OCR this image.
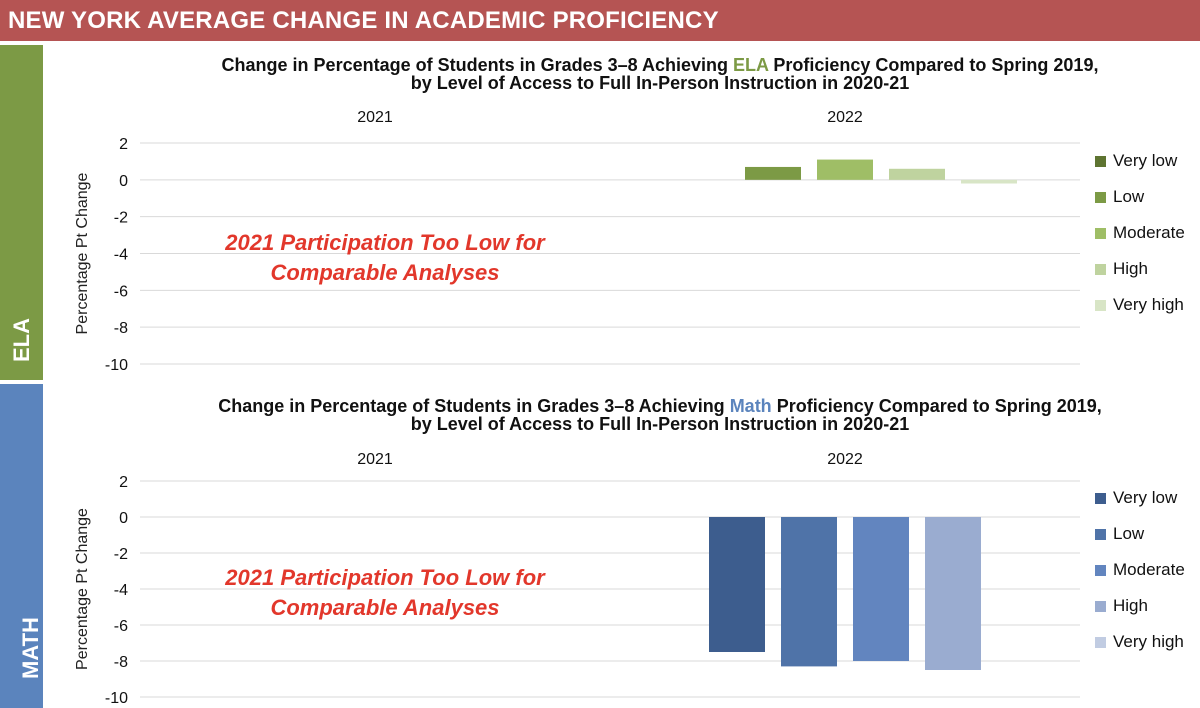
NEW YORK AVERAGE CHANGE IN ACADEMIC PROFICIENCY
ELA
MATH
Change in Percentage of Students in Grades 3–8 Achieving ELA Proficiency Compared to Spring 2019,
by Level of Access to Full In-Person Instruction in 2020-21
Change in Percentage of Students in Grades 3–8 Achieving Math Proficiency Compared to Spring 2019,
by Level of Access to Full In-Person Instruction in 2020-21
2
0
-2
-4
-6
-8
-10
Percentage Pt Change
2021	2022
2
0
-2
-4
-6
-8
-10
Percentage Pt Change
2021	2022
2021 Participation Too Low for
Comparable Analyses
2021 Participation Too Low for
Comparable Analyses
Very low
Low
Moderate
High
Very high
Very low
Low
Moderate
High
Very high
